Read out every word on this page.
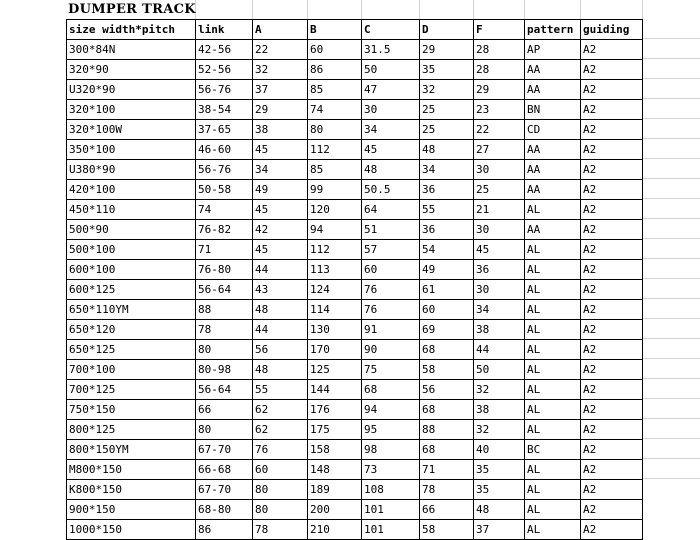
DUMPER TRACK
size width*pitch	link	A	B	C	D	F	pattern	guiding
300*84N	42-56	22	60	31.5	29	28	AP	A2
320*90	52-56	32	86	50	35	28	AA	A2
U320*90	56-76	37	85	47	32	29	AA	A2
320*100	38-54	29	74	30	25	23	BN	A2
320*100W	37-65	38	80	34	25	22	CD	A2
350*100	46-60	45	112	45	48	27	AA	A2
U380*90	56-76	34	85	48	34	30	AA	A2
420*100	50-58	49	99	50.5	36	25	AA	A2
450*110	74	45	120	64	55	21	AL	A2
500*90	76-82	42	94	51	36	30	AA	A2
500*100	71	45	112	57	54	45	AL	A2
600*100	76-80	44	113	60	49	36	AL	A2
600*125	56-64	43	124	76	61	30	AL	A2
650*110YM	88	48	114	76	60	34	AL	A2
650*120	78	44	130	91	69	38	AL	A2
650*125	80	56	170	90	68	44	AL	A2
700*100	80-98	48	125	75	58	50	AL	A2
700*125	56-64	55	144	68	56	32	AL	A2
750*150	66	62	176	94	68	38	AL	A2
800*125	80	62	175	95	88	32	AL	A2
800*150YM	67-70	76	158	98	68	40	BC	A2
M800*150	66-68	60	148	73	71	35	AL	A2
K800*150	67-70	80	189	108	78	35	AL	A2
900*150	68-80	80	200	101	66	48	AL	A2
1000*150	86	78	210	101	58	37	AL	A2
